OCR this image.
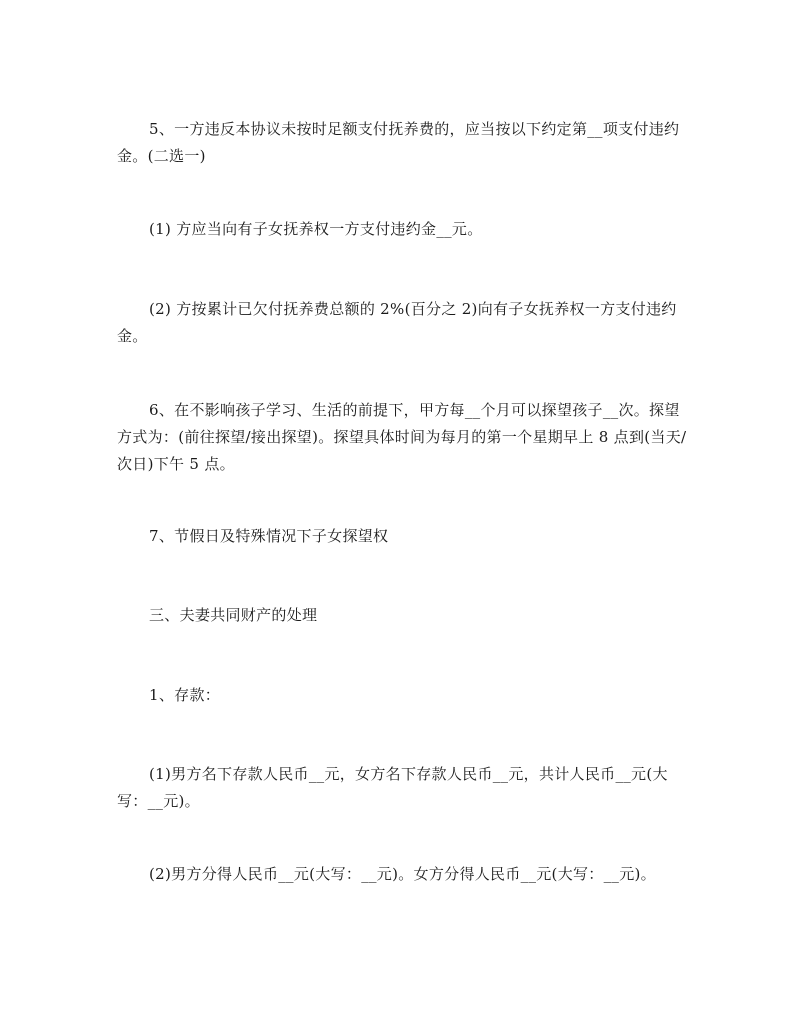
5、一方违反本协议未按时足额支付抚养费的，应当按以下约定第__项支付违约金。(二选一)

(1) 方应当向有子女抚养权一方支付违约金__元。

(2) 方按累计已欠付抚养费总额的 2%(百分之 2)向有子女抚养权一方支付违约金。

6、在不影响孩子学习、生活的前提下，甲方每__个月可以探望孩子__次。探望方式为：(前往探望/接出探望)。探望具体时间为每月的第一个星期早上 8 点到(当天/次日)下午 5 点。

7、节假日及特殊情况下子女探望权

三、夫妻共同财产的处理

1、存款：

(1)男方名下存款人民币__元，女方名下存款人民币__元，共计人民币__元(大写：__元)。

(2)男方分得人民币__元(大写：__元)。女方分得人民币__元(大写：__元)。
